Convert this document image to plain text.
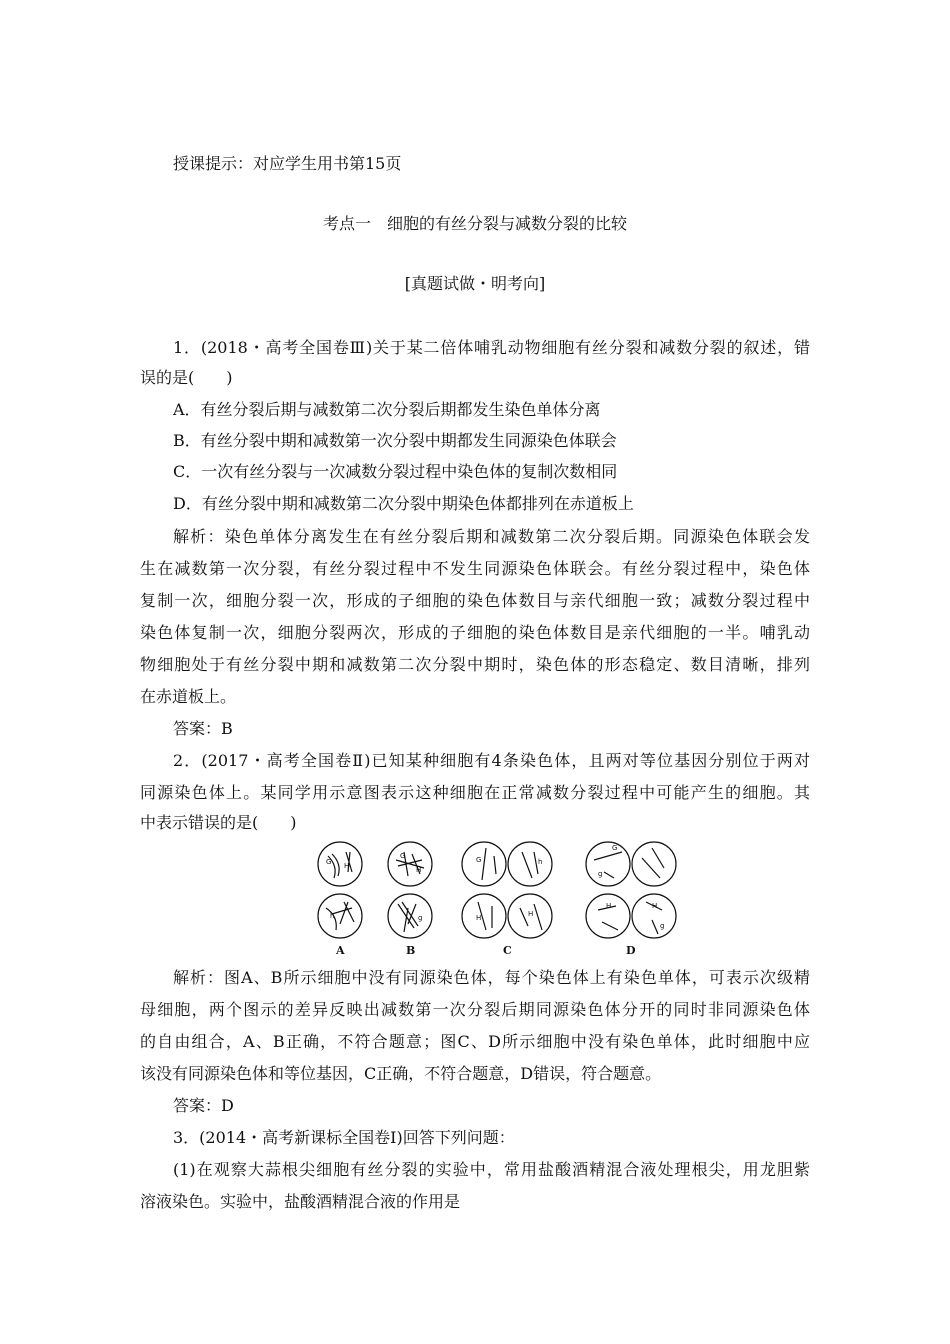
授课提示：对应学生用书第15页
考点一　细胞的有丝分裂与减数分裂的比较
[真题试做・明考向]
1．(2018・高考全国卷Ⅲ)关于某二倍体哺乳动物细胞有丝分裂和减数分裂的叙述，错
误的是(　　)
A．有丝分裂后期与减数第二次分裂后期都发生染色单体分离
B．有丝分裂中期和减数第一次分裂中期都发生同源染色体联会
C．一次有丝分裂与一次减数分裂过程中染色体的复制次数相同
D．有丝分裂中期和减数第二次分裂中期染色体都排列在赤道板上
解析：染色单体分离发生在有丝分裂后期和减数第二次分裂后期。同源染色体联会发
生在减数第一次分裂，有丝分裂过程中不发生同源染色体联会。有丝分裂过程中，染色体
复制一次，细胞分裂一次，形成的子细胞的染色体数目与亲代细胞一致；减数分裂过程中
染色体复制一次，细胞分裂两次，形成的子细胞的染色体数目是亲代细胞的一半。哺乳动
物细胞处于有丝分裂中期和减数第二次分裂中期时，染色体的形态稳定、数目清晰，排列
在赤道板上。
答案：B
2．(2017・高考全国卷Ⅱ)已知某种细胞有4条染色体，且两对等位基因分别位于两对
同源染色体上。某同学用示意图表示这种细胞在正常减数分裂过程中可能产生的细胞。其
中表示错误的是(　　)
G H
h
G
H
g
G	h
H	H
G
g
H	H
g
A	B	C	D
解析：图A、B所示细胞中没有同源染色体，每个染色体上有染色单体，可表示次级精
母细胞，两个图示的差异反映出减数第一次分裂后期同源染色体分开的同时非同源染色体
的自由组合，A、B正确，不符合题意；图C、D所示细胞中没有染色单体，此时细胞中应
该没有同源染色体和等位基因，C正确，不符合题意，D错误，符合题意。
答案：D
3．(2014・高考新课标全国卷Ⅰ)回答下列问题：
(1)在观察大蒜根尖细胞有丝分裂的实验中，常用盐酸酒精混合液处理根尖，用龙胆紫
溶液染色。实验中，盐酸酒精混合液的作用是
